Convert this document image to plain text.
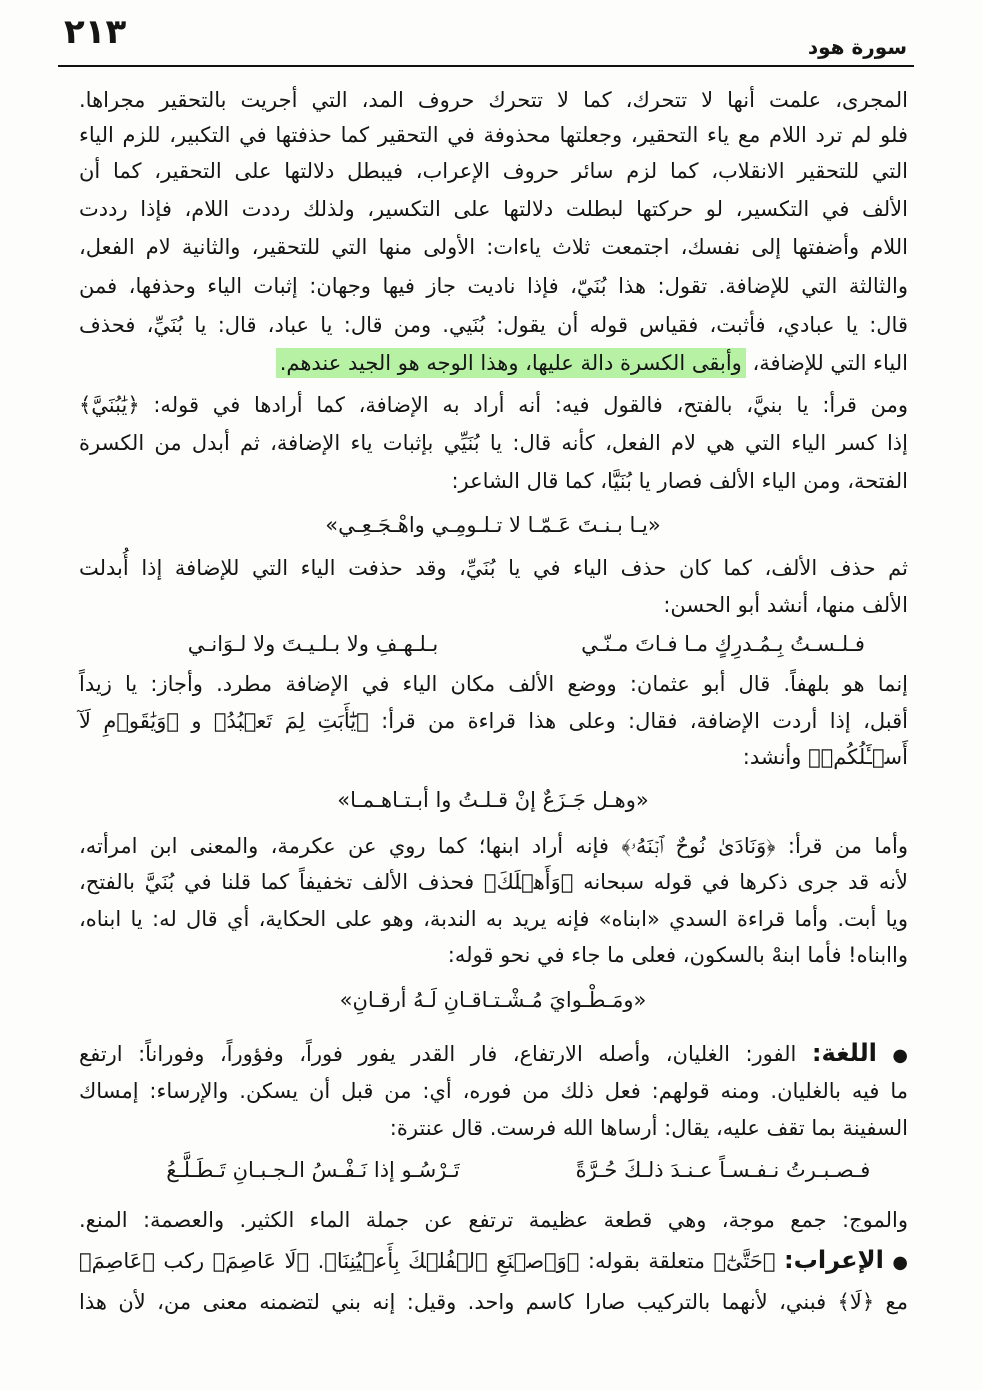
٢١٣	سورة هود
المجرى، علمت أنها لا تتحرك، كما لا تتحرك حروف المد، التي أجريت بالتحقير مجراها.
فلو لم ترد اللام مع ياء التحقير، وجعلتها محذوفة في التحقير كما حذفتها في التكبير، للزم الياء
التي للتحقير الانقلاب، كما لزم سائر حروف الإعراب، فيبطل دلالتها على التحقير، كما أن
الألف في التكسير، لو حركتها لبطلت دلالتها على التكسير، ولذلك رددت اللام، فإذا رددت
اللام وأضفتها إلى نفسك، اجتمعت ثلاث ياءات: الأولى منها التي للتحقير، والثانية لام الفعل،
والثالثة التي للإضافة. تقول: هذا بُنَيّ، فإذا ناديت جاز فيها وجهان: إثبات الياء وحذفها، فمن
قال: يا عبادي، فأثبت، فقياس قوله أن يقول: بُنَيي. ومن قال: يا عباد، قال: يا بُنَيِّ، فحذف
الياء التي للإضافة، وأبقى الكسرة دالة عليها، وهذا الوجه هو الجيد عندهم.
ومن قرأ: يا بنيَّ، بالفتح، فالقول فيه: أنه أراد به الإضافة، كما أرادها في قوله: ﴿يَٰبُنَيَّ﴾
إذا كسر الياء التي هي لام الفعل، كأنه قال: يا بُنَيِّي بإثبات ياء الإضافة، ثم أبدل من الكسرة
الفتحة، ومن الياء الألف فصار يا بُنَيَّا، كما قال الشاعر:
«يـا بـنـتَ عَـمّـا لا تـلـومِـي واهْـجَـعِـي»
ثم حذف الألف، كما كان حذف الياء في يا بُنَيِّ، وقد حذفت الياء التي للإضافة إذا أُبدلت
الألف منها، أنشد أبو الحسن:
فـلـسـتُ بِـمُـدرِكٍ مـا فـاتَ مـنّـي
بـلـهـفِ ولا بـلـيـتَ ولا لـوَانـي
إنما هو بلهفاً. قال أبو عثمان: ووضع الألف مكان الياء في الإضافة مطرد. وأجاز: يا زيداً
أقبل، إذا أردت الإضافة، فقال: وعلى هذا قراءة من قرأ: ﴿يَٰٓأَبَتِ لِمَ تَعۡبُدُ﴾ و ﴿وَيَٰقَوۡمِ لَآ
أَسۡـَٔلُكُمۡ﴾ وأنشد:
«وهـل جَـزَعٌ إنْ قـلـتُ وا أبـتـاهـمـا»
وأما من قرأ: ﴿وَنَادَىٰ نُوحٌ ٱبۡنَهُۥ﴾ فإنه أراد ابنها؛ كما روي عن عكرمة، والمعنى ابن امرأته،
لأنه قد جرى ذكرها في قوله سبحانه ﴿وَأَهۡلَكَ﴾ فحذف الألف تخفيفاً كما قلنا في بُنَيَّ بالفتح،
ويا أبت. وأما قراءة السدي «ابناه» فإنه يريد به الندبة، وهو على الحكاية، أي قال له: يا ابناه،
واابناه! فأما ابنهْ بالسكون، فعلى ما جاء في نحو قوله:
«ومَـطْـوايَ مُـشْـتـاقـانِ لَـهُ أرقـانِ»
● اللغة: الفور: الغليان، وأصله الارتفاع، فار القدر يفور فوراً، وفؤوراً، وفوراناً: ارتفع
ما فيه بالغليان. ومنه قولهم: فعل ذلك من فوره، أي: من قبل أن يسكن. والإرساء: إمساك
السفينة بما تقف عليه، يقال: أرساها الله فرست. قال عنترة:
فـصـبـرتُ نـفـسـاً عـنـدَ ذلـكَ حُـرَّةً
تَـرْسُـو إذا نَـفْـسُ الـجـبـانِ تَـطَـلَّـعُ
والموج: جمع موجة، وهي قطعة عظيمة ترتفع عن جملة الماء الكثير. والعصمة: المنع.
● الإعراب: ﴿حَتَّىٰٓ﴾ متعلقة بقوله: ﴿وَٱصۡنَعِ ٱلۡفُلۡكَ بِأَعۡيُنِنَا﴾. ﴿لَا عَاصِمَ﴾ ركب ﴿عَاصِمَ﴾
مع ﴿لَا﴾ فبني، لأنهما بالتركيب صارا كاسم واحد. وقيل: إنه بني لتضمنه معنى من، لأن هذا
